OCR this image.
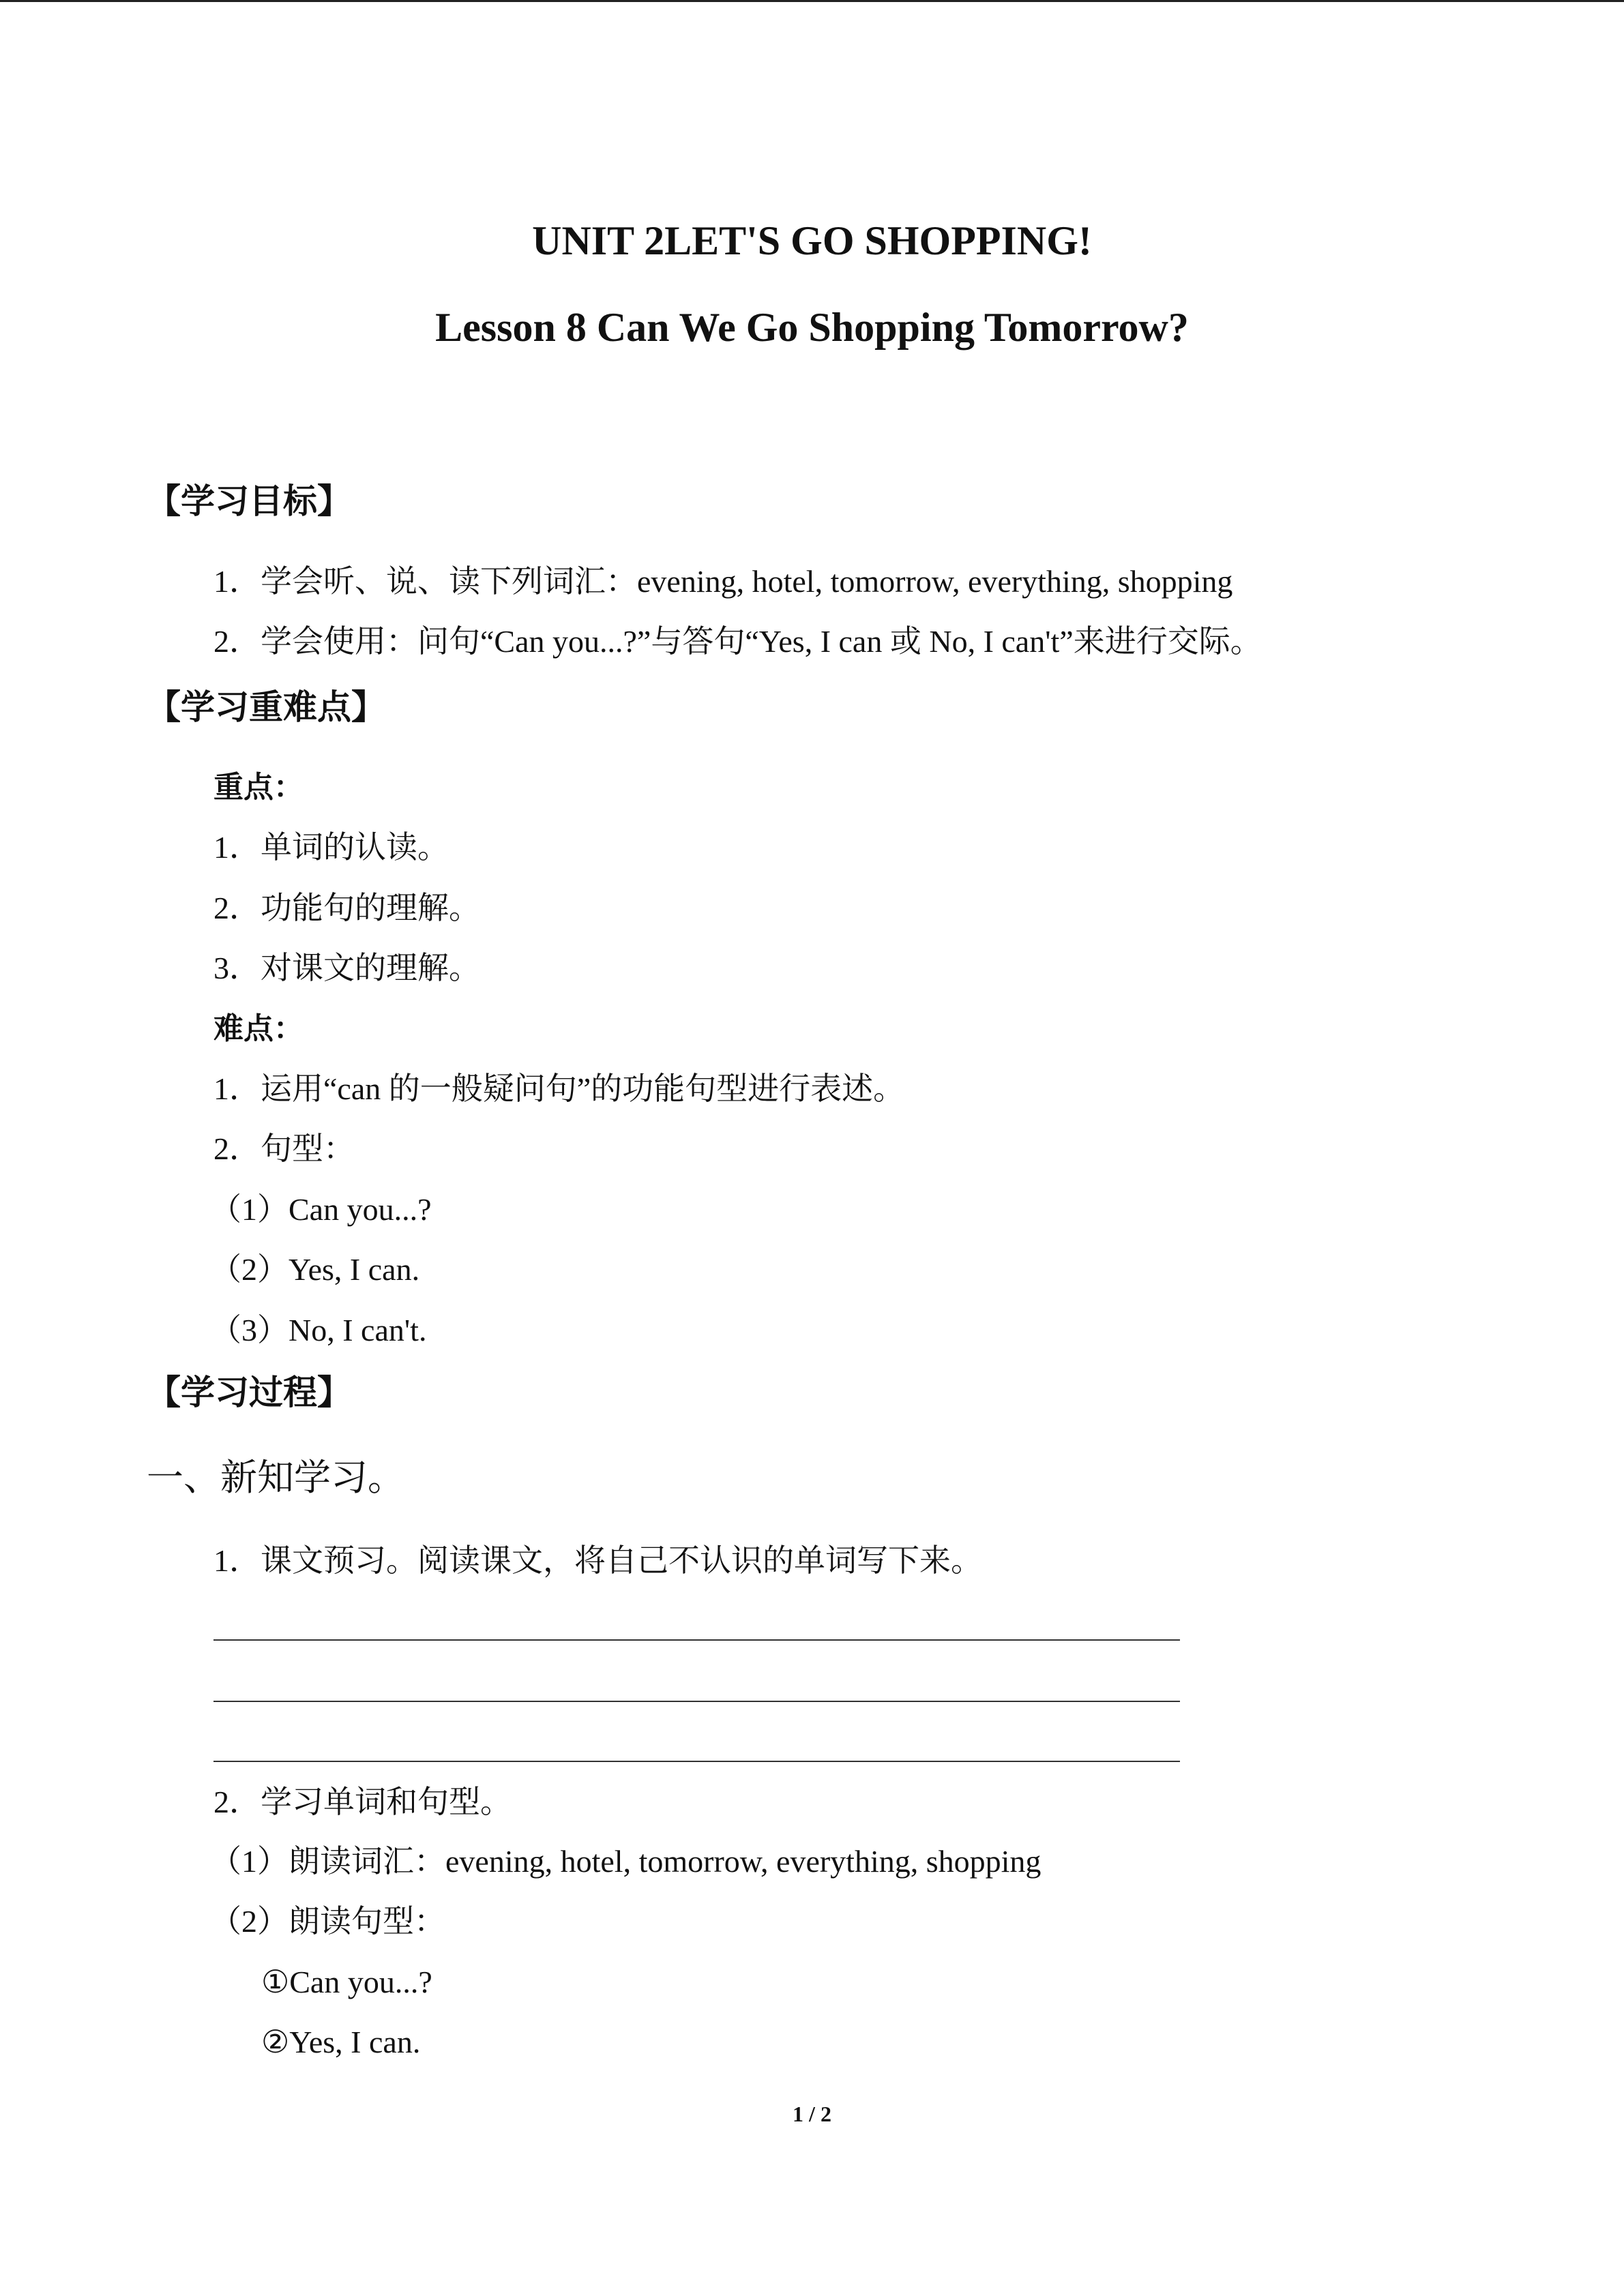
UNIT 2LET'S GO SHOPPING!
Lesson 8 Can We Go Shopping Tomorrow?
【学习目标】
1．学会听、说、读下列词汇：evening, hotel, tomorrow, everything, shopping
2．学会使用：问句“Can you...?”与答句“Yes, I can 或 No, I can't”来进行交际。
【学习重难点】
重点：
1．单词的认读。
2．功能句的理解。
3．对课文的理解。
难点：
1．运用“can 的一般疑问句”的功能句型进行表述。
2．句型：
（1）Can you...?
（2）Yes, I can.
（3）No, I can't.
【学习过程】
一、新知学习。
1．课文预习。阅读课文，将自己不认识的单词写下来。
2．学习单词和句型。
（1）朗读词汇：evening, hotel, tomorrow, everything, shopping
（2）朗读句型：
①Can you...?
②Yes, I can.
1 / 2
